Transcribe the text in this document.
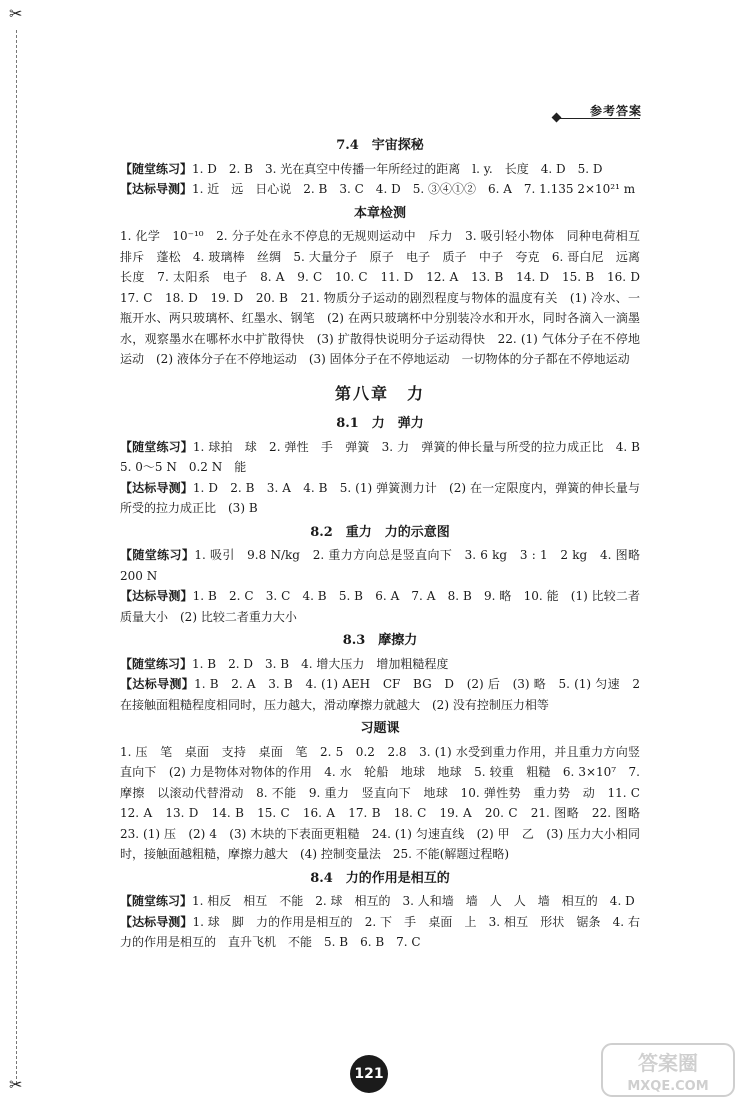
✂
✂
参考答案
7.4　宇宙探秘
【随堂练习】1. D　2. B　3. 光在真空中传播一年所经过的距离　l. y.　长度　4. D　5. D
【达标导测】1. 近　远　日心说　2. B　3. C　4. D　5. ③④①②　6. A　7. 1.135 2×10²¹ m
本章检测
1. 化学　10⁻¹⁰　2. 分子处在永不停息的无规则运动中　斥力　3. 吸引轻小物体　同种电荷相互排斥　蓬松　4. 玻璃棒　丝绸　5. 大量分子　原子　电子　质子　中子　夸克　6. 哥白尼　远离　长度　7. 太阳系　电子　8. A　9. C　10. C　11. D　12. A　13. B　14. D　15. B　16. D　17. C　18. D　19. D　20. B　21. 物质分子运动的剧烈程度与物体的温度有关　(1) 冷水、一瓶开水、两只玻璃杯、红墨水、钢笔　(2) 在两只玻璃杯中分别装冷水和开水，同时各滴入一滴墨水，观察墨水在哪杯水中扩散得快　(3) 扩散得快说明分子运动得快　22. (1) 气体分子在不停地运动　(2) 液体分子在不停地运动　(3) 固体分子在不停地运动　一切物体的分子都在不停地运动
第八章　力
8.1　力　弹力
【随堂练习】1. 球拍　球　2. 弹性　手　弹簧　3. 力　弹簧的伸长量与所受的拉力成正比　4. B　5. 0～5 N　0.2 N　能
【达标导测】1. D　2. B　3. A　4. B　5. (1) 弹簧测力计　(2) 在一定限度内，弹簧的伸长量与所受的拉力成正比　(3) B
8.2　重力　力的示意图
【随堂练习】1. 吸引　9.8 N/kg　2. 重力方向总是竖直向下　3. 6 kg　3 : 1　2 kg　4. 图略　200 N
【达标导测】1. B　2. C　3. C　4. B　5. B　6. A　7. A　8. B　9. 略　10. 能　(1) 比较二者质量大小　(2) 比较二者重力大小
8.3　摩擦力
【随堂练习】1. B　2. D　3. B　4. 增大压力　增加粗糙程度
【达标导测】1. B　2. A　3. B　4. (1) AEH　CF　BG　D　(2) 后　(3) 略　5. (1) 匀速　2　在接触面粗糙程度相同时，压力越大，滑动摩擦力就越大　(2) 没有控制压力相等
习题课
1. 压　笔　桌面　支持　桌面　笔　2. 5　0.2　2.8　3. (1) 水受到重力作用，并且重力方向竖直向下　(2) 力是物体对物体的作用　4. 水　轮船　地球　地球　5. 较重　粗糙　6. 3×10⁷　7. 摩擦　以滚动代替滑动　8. 不能　9. 重力　竖直向下　地球　10. 弹性势　重力势　动　11. C　12. A　13. D　14. B　15. C　16. A　17. B　18. C　19. A　20. C　21. 图略　22. 图略　23. (1) 压　(2) 4　(3) 木块的下表面更粗糙　24. (1) 匀速直线　(2) 甲　乙　(3) 压力大小相同时，接触面越粗糙，摩擦力越大　(4) 控制变量法　25. 不能(解题过程略)
8.4　力的作用是相互的
【随堂练习】1. 相反　相互　不能　2. 球　相互的　3. 人和墙　墙　人　人　墙　相互的　4. D
【达标导测】1. 球　脚　力的作用是相互的　2. 下　手　桌面　上　3. 相互　形状　锯条　4. 右　力的作用是相互的　直升飞机　不能　5. B　6. B　7. C
121	答案圈
MXQE.COM
